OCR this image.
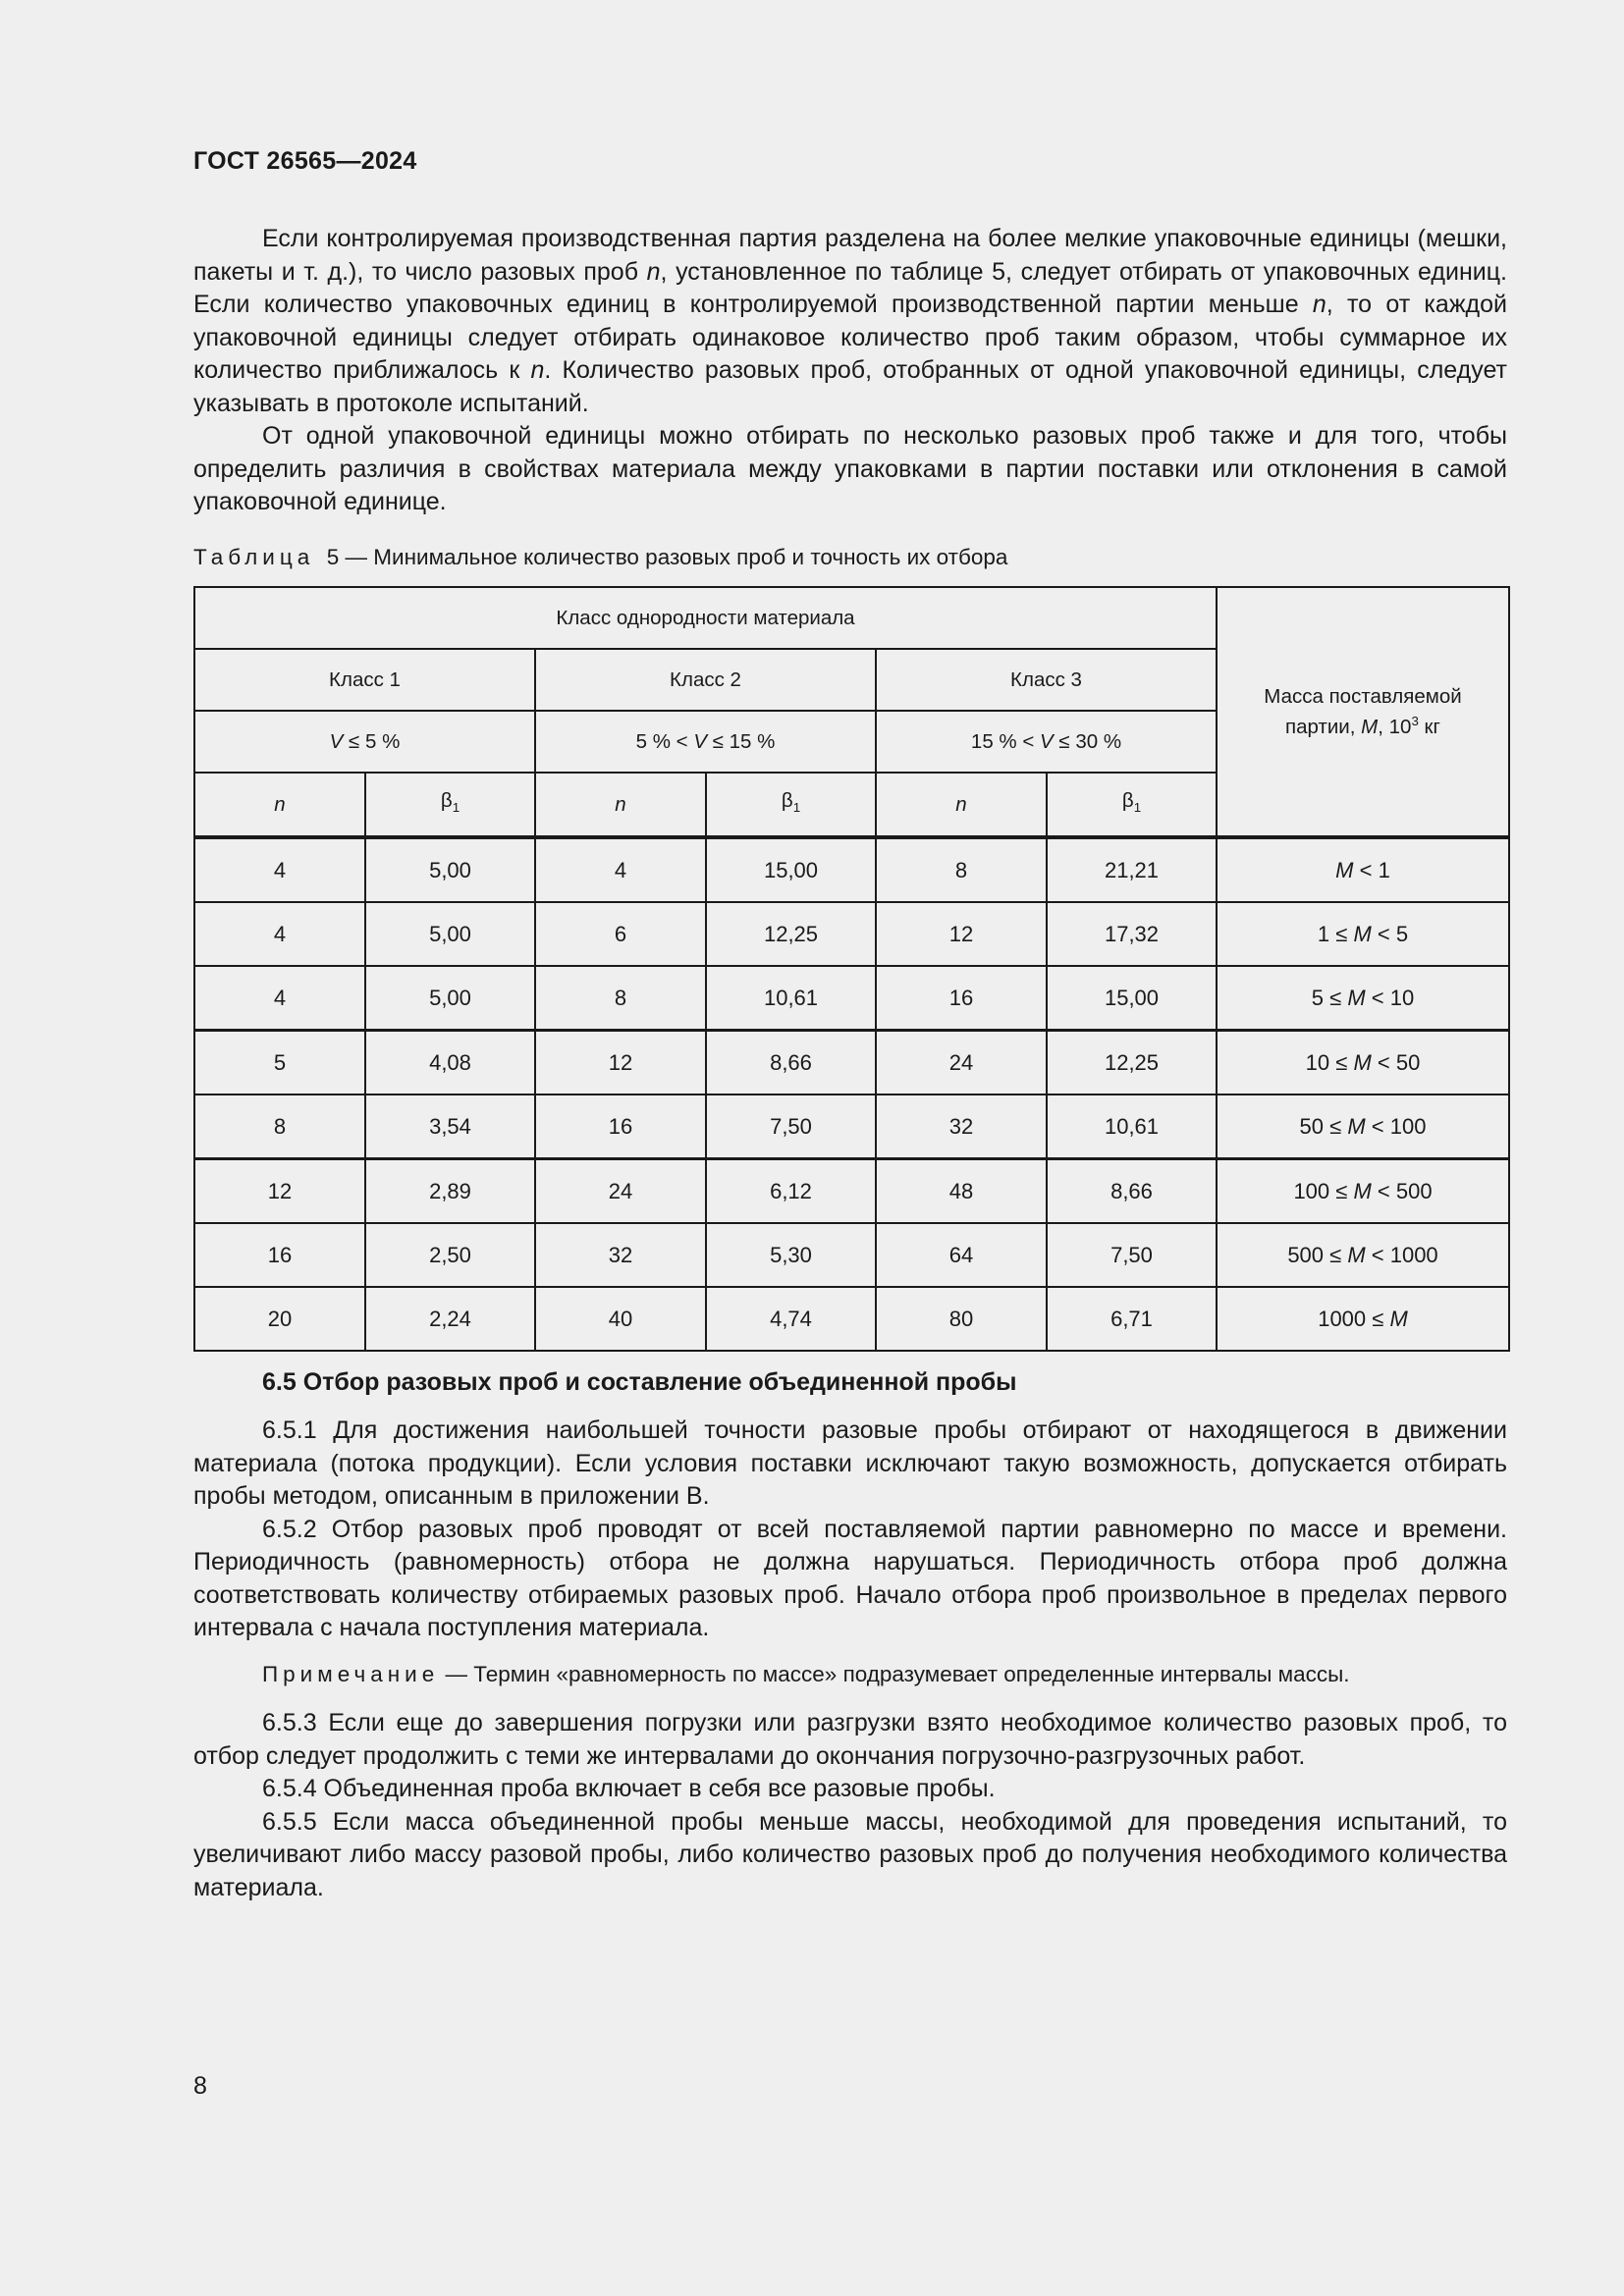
ГОСТ 26565—2024

Если контролируемая производственная партия разделена на более мелкие упаковочные единицы (мешки, пакеты и т. д.), то число разовых проб n, установленное по таблице 5, следует отбирать от упаковочных единиц. Если количество упаковочных единиц в контролируемой производственной партии меньше n, то от каждой упаковочной единицы следует отбирать одинаковое количество проб таким образом, чтобы суммарное их количество приближалось к n. Количество разовых проб, отобранных от одной упаковочной единицы, следует указывать в протоколе испытаний.

От одной упаковочной единицы можно отбирать по несколько разовых проб также и для того, чтобы определить различия в свойствах материала между упаковками в партии поставки или отклонения в самой упаковочной единице.

Таблица 5 — Минимальное количество разовых проб и точность их отбора
Класс однородности материала						Масса поставляемой
партии, M, $10^3$ кг
Класс 1		Класс 2		Класс 3		
V ≤ 5 %		5 % < V ≤ 15 %		15 % < V ≤ 30 %		
n	$\beta_1$	n	$\beta_1$	n	$\beta_1$
4	5,00	4	15,00	8	21,21	M < 1
4	5,00	6	12,25	12	17,32	1 ≤ M < 5
4	5,00	8	10,61	16	15,00	5 ≤ M < 10
5	4,08	12	8,66	24	12,25	10 ≤ M < 50
8	3,54	16	7,50	32	10,61	50 ≤ M < 100
12	2,89	24	6,12	48	8,66	100 ≤ M < 500
16	2,50	32	5,30	64	7,50	500 ≤ M < 1000
20	2,24	40	4,74	80	6,71	1000 ≤ M
6.5 Отбор разовых проб и составление объединенной пробы

6.5.1 Для достижения наибольшей точности разовые пробы отбирают от находящегося в движении материала (потока продукции). Если условия поставки исключают такую возможность, допускается отбирать пробы методом, описанным в приложении В.

6.5.2 Отбор разовых проб проводят от всей поставляемой партии равномерно по массе и времени. Периодичность (равномерность) отбора не должна нарушаться. Периодичность отбора проб должна соответствовать количеству отбираемых разовых проб. Начало отбора проб произвольное в пределах первого интервала с начала поступления материала.

Примечание — Термин «равномерность по массе» подразумевает определенные интервалы массы.

6.5.3 Если еще до завершения погрузки или разгрузки взято необходимое количество разовых проб, то отбор следует продолжить с теми же интервалами до окончания погрузочно-разгрузочных работ.

6.5.4 Объединенная проба включает в себя все разовые пробы.

6.5.5 Если масса объединенной пробы меньше массы, необходимой для проведения испытаний, то увеличивают либо массу разовой пробы, либо количество разовых проб до получения необходимого количества материала.

8
